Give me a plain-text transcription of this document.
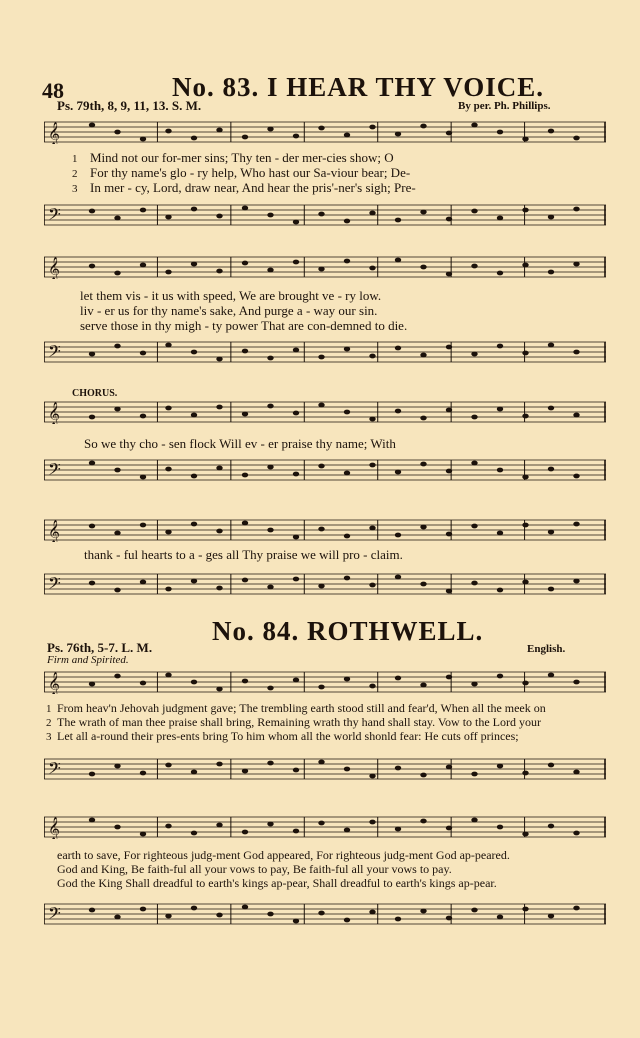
48	No. 83. I HEAR THY VOICE.
Ps. 79th, 8, 9, 11, 13. S. M.	By per. Ph. Phillips.
𝄞
1
2
3
Mind not our for-mer sins; Thy ten - der mer-cies show; O
For thy name's glo - ry help, Who hast our Sa-viour bear; De-
In mer - cy, Lord, draw near, And hear the pris'-ner's sigh; Pre-
𝄢
𝄞
let them vis - it us with speed, We are brought ve - ry low.
liv - er us for thy name's sake, And purge a - way our sin.
serve those in thy migh - ty power That are con-demned to die.
𝄢
CHORUS.
𝄞
So we thy cho - sen flock Will ev - er praise thy name; With
𝄢
𝄞
thank - ful hearts to a - ges all Thy praise we will pro - claim.
𝄢
No. 84. ROTHWELL.
Ps. 76th, 5-7. L. M.
Firm and Spirited.
English.
𝄞
1
2
3
From heav'n Jehovah judgment gave; The trembling earth stood still and fear'd, When all the meek on
The wrath of man thee praise shall bring, Remaining wrath thy hand shall stay. Vow to the Lord your
Let all a-round their pres-ents bring To him whom all the world shonld fear: He cuts off princes;
𝄢
𝄞
earth to save, For righteous judg-ment God appeared, For righteous judg-ment God ap-peared.
God and King, Be faith-ful all your vows to pay, Be faith-ful all your vows to pay.
God the King Shall dreadful to earth's kings ap-pear, Shall dreadful to earth's kings ap-pear.
𝄢
